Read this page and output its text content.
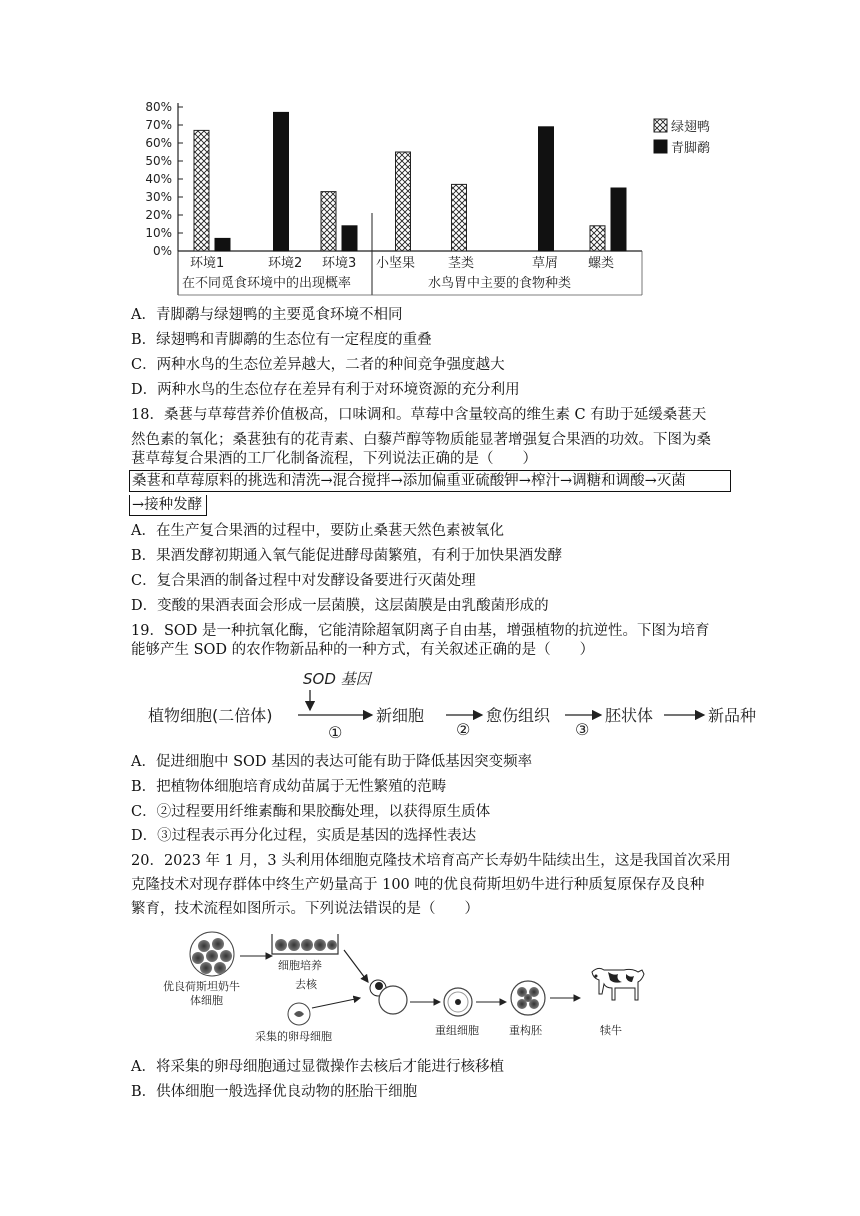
80%
70%
60%
50%
40%
30%
20%
10%
0%
环境1	环境2 环境3 小坚果	茎类	草屑 螺类
在不同觅食环境中的出现概率	水鸟胃中主要的食物种类
绿翅鸭
青脚鹬
A．青脚鹬与绿翅鸭的主要觅食环境不相同
B．绿翅鸭和青脚鹬的生态位有一定程度的重叠
C．两种水鸟的生态位差异越大，二者的种间竞争强度越大
D．两种水鸟的生态位存在差异有利于对环境资源的充分利用
18．桑葚与草莓营养价值极高，口味调和。草莓中含量较高的维生素 C 有助于延缓桑葚天
然色素的氧化；桑葚独有的花青素、白藜芦醇等物质能显著增强复合果酒的功效。下图为桑
葚草莓复合果酒的工厂化制备流程，下列说法正确的是（　　）
桑葚和草莓原料的挑选和清洗→混合搅拌→添加偏重亚硫酸钾→榨汁→调糖和调酸→灭菌
→接种发酵
A．在生产复合果酒的过程中，要防止桑葚天然色素被氧化
B．果酒发酵初期通入氧气能促进酵母菌繁殖，有利于加快果酒发酵
C．复合果酒的制备过程中对发酵设备要进行灭菌处理
D．变酸的果酒表面会形成一层菌膜，这层菌膜是由乳酸菌形成的
19．SOD 是一种抗氧化酶，它能清除超氧阴离子自由基，增强植物的抗逆性。下图为培育
能够产生 SOD 的农作物新品种的一种方式，有关叙述正确的是（　　）
SOD 基因
植物细胞(二倍体)
①
新细胞
②
愈伤组织
③
胚状体	新品种
A．促进细胞中 SOD 基因的表达可能有助于降低基因突变频率
B．把植物体细胞培育成幼苗属于无性繁殖的范畴
C．②过程要用纤维素酶和果胶酶处理，以获得原生质体
D．③过程表示再分化过程，实质是基因的选择性表达
20．2023 年 1 月，3 头利用体细胞克隆技术培育高产长寿奶牛陆续出生，这是我国首次采用
克隆技术对现存群体中终生产奶量高于 100 吨的优良荷斯坦奶牛进行种质复原保存及良种
繁育，技术流程如图所示。下列说法错误的是（　　）
优良荷斯坦奶牛
体细胞
细胞培养
去核
采集的卵母细胞	重组细胞	重构胚	犊牛
A．将采集的卵母细胞通过显微操作去核后才能进行核移植
B．供体细胞一般选择优良动物的胚胎干细胞
